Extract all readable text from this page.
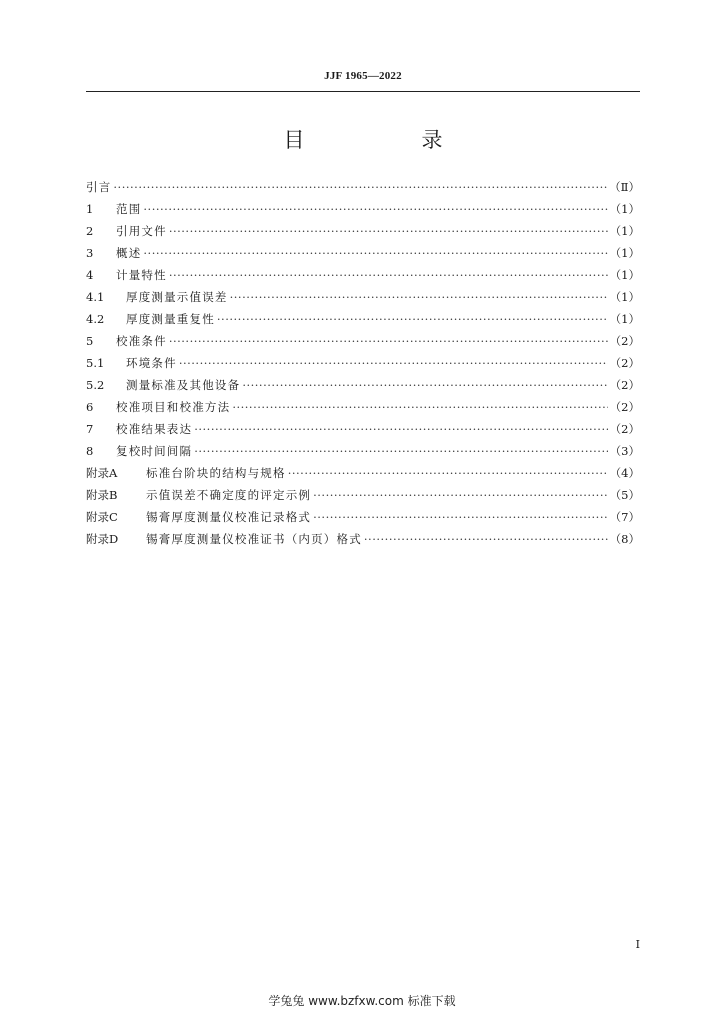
JJF 1965—2022
目　录
引言 ·····	（Ⅱ）
1	范围 ·····	（1）
2	引用文件 ·····	（1）
3	概述 ·····	（1）
4	计量特性 ·····	（1）
4.1	厚度测量示值误差 ·····	（1）
4.2	厚度测量重复性 ·····	（1）
5	校准条件 ·····	（2）
5.1	环境条件 ·····	（2）
5.2	测量标准及其他设备 ·····	（2）
6	校准项目和校准方法 ·····	（2）
7	校准结果表达 ·····	（2）
8	复校时间间隔 ·····	（3）
附录A	标准台阶块的结构与规格 ·····	（4）
附录B	示值误差不确定度的评定示例 ·····	（5）
附录C	锡膏厚度测量仪校准记录格式 ·····	（7）
附录D	锡膏厚度测量仪校准证书（内页）格式 ·····	（8）
Ⅰ
学兔兔 www.bzfxw.com 标准下载
